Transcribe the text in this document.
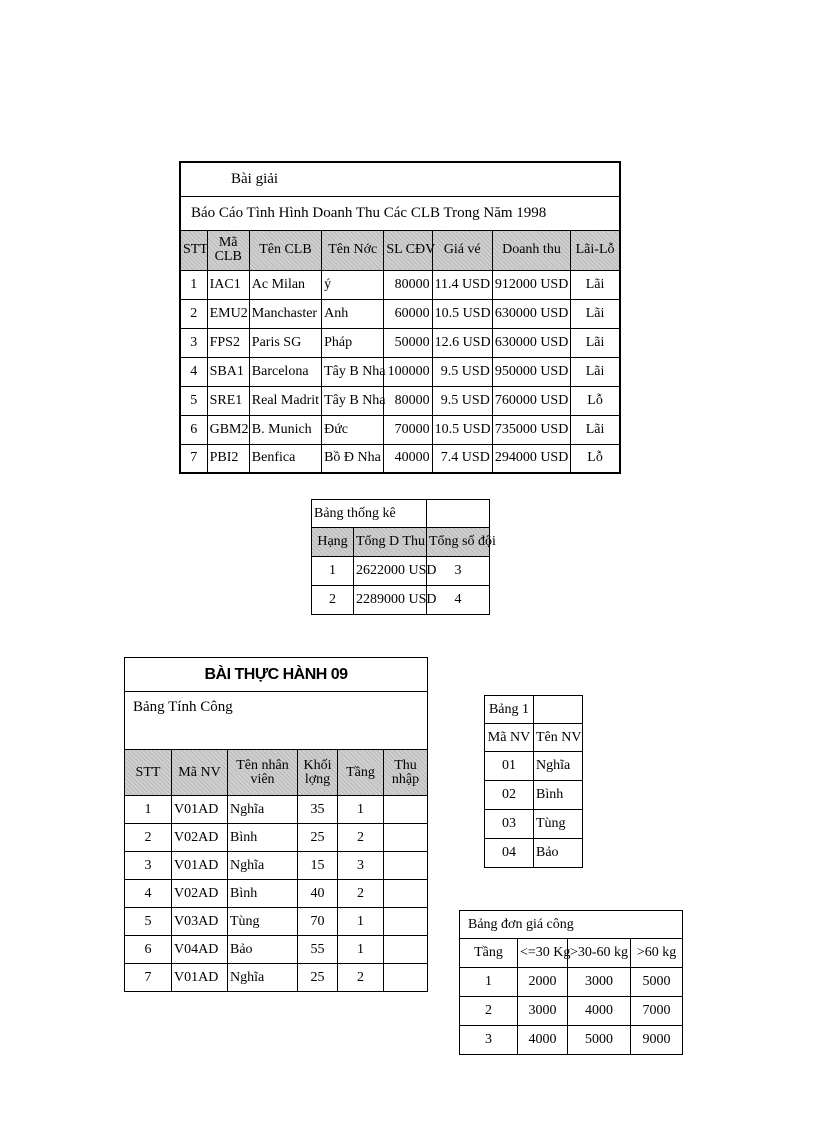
Bài giải							
Báo Cáo Tình Hình Doanh Thu Các CLB Trong Năm 1998							
STT	Mã CLB	Tên CLB	Tên Nớc	SL CĐV	Giá vé	Doanh thu	Lãi-Lỗ
1	IAC1	Ac Milan	ý	80000	11.4 USD	912000 USD	Lãi
2	EMU2	Manchaster	Anh	60000	10.5 USD	630000 USD	Lãi
3	FPS2	Paris SG	Pháp	50000	12.6 USD	630000 USD	Lãi
4	SBA1	Barcelona	Tây B Nha	100000	9.5 USD	950000 USD	Lãi
5	SRE1	Real Madrit	Tây B Nha	80000	9.5 USD	760000 USD	Lỗ
6	GBM2	B. Munich	Đức	70000	10.5 USD	735000 USD	Lãi
7	PBI2	Benfica	Bồ Đ Nha	40000	7.4 USD	294000 USD	Lỗ
Bảng thống kê		
Hạng	Tổng D Thu	Tổng số đội
1	2622000 USD	3
2	2289000 USD	4
BÀI THỰC HÀNH 09					
Bảng Tính Công					
STT	Mã NV	Tên nhân viên	Khối lợng	Tầng	Thu nhập
1	V01AD	Nghĩa	35	1	
2	V02AD	Bình	25	2	
3	V01AD	Nghĩa	15	3	
4	V02AD	Bình	40	2	
5	V03AD	Tùng	70	1	
6	V04AD	Bảo	55	1	
7	V01AD	Nghĩa	25	2	
Bảng 1	
Mã NV	Tên NV
01	Nghĩa
02	Bình
03	Tùng
04	Bảo
Bảng đơn giá công			
Tầng	<=30 Kg	>30-60 kg	>60 kg
1	2000	3000	5000
2	3000	4000	7000
3	4000	5000	9000
